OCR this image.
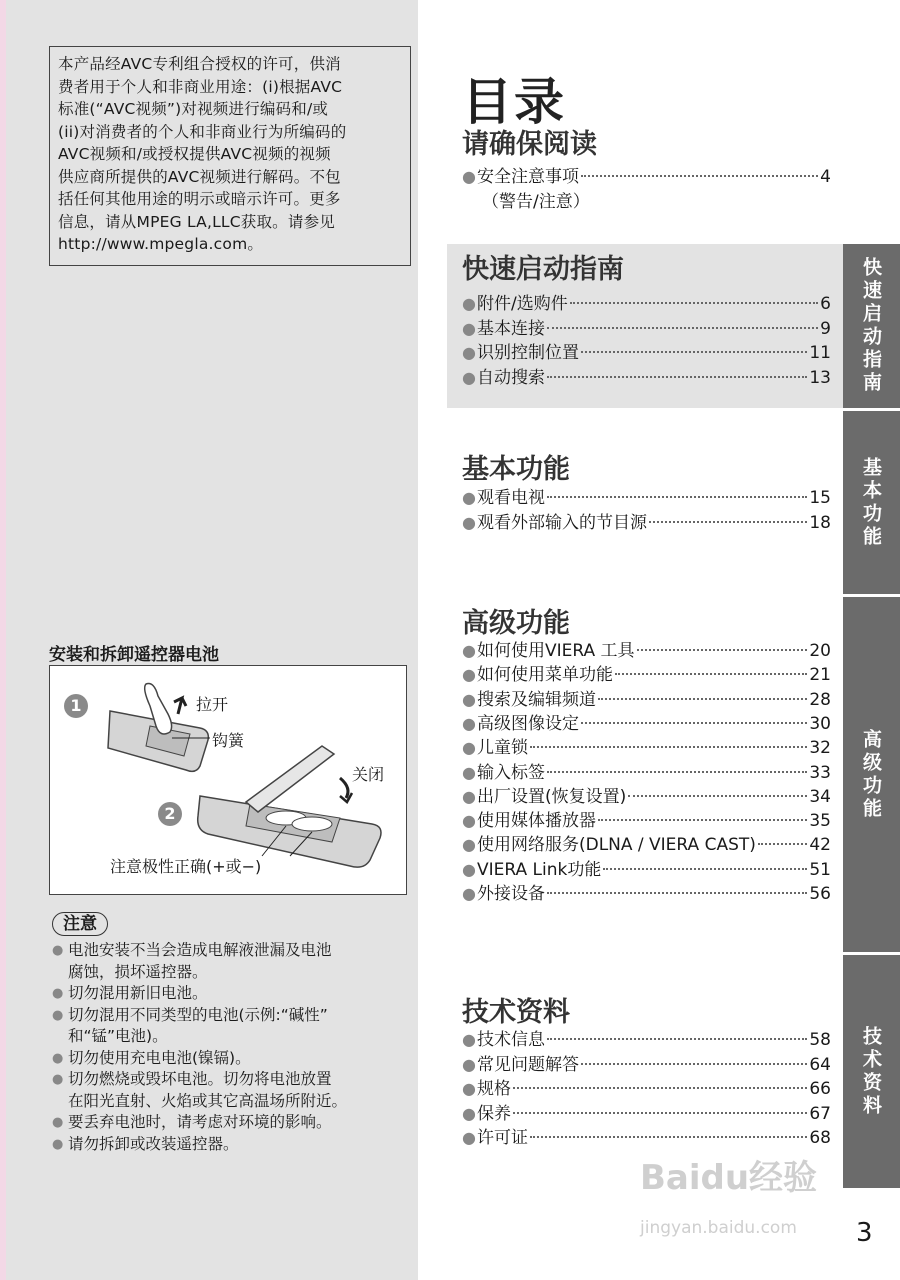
本产品经AVC专利组合授权的许可，供消
费者用于个人和非商业用途：(i)根据AVC
标准(“AVC视频”)对视频进行编码和/或
(ii)对消费者的个人和非商业行为所编码的
AVC视频和/或授权提供AVC视频的视频
供应商所提供的AVC视频进行解码。不包
括任何其他用途的明示或暗示许可。更多
信息，请从MPEG LA,LLC获取。请参见
http://www.mpegla.com。
安装和拆卸遥控器电池
1
2
拉开
钩簧
关闭
注意极性正确(+或−)
注意
● 电池安装不当会造成电解液泄漏及电池
腐蚀，损坏遥控器。
● 切勿混用新旧电池。
● 切勿混用不同类型的电池(示例:“碱性”
和“锰”电池)。
● 切勿使用充电电池(镍镉)。
● 切勿燃烧或毁坏电池。切勿将电池放置
在阳光直射、火焰或其它高温场所附近。
● 要丢弃电池时，请考虑对环境的影响。
● 请勿拆卸或改装遥控器。
目录
请确保阅读
● 安全注意事项	4
（警告/注意）
快速启动指南
● 附件/选购件	6
● 基本连接	9
● 识别控制位置	11
● 自动搜索	13
基本功能
● 观看电视	15
● 观看外部输入的节目源	18
高级功能
● 如何使用VIERA 工具	20
● 如何使用菜单功能	21
● 搜索及编辑频道	28
● 高级图像设定	30
● 儿童锁	32
● 输入标签	33
● 出厂设置(恢复设置)	34
● 使用媒体播放器	35
● 使用网络服务(DLNA / VIERA CAST)	42
● VIERA Link功能	51
● 外接设备	56
技术资料
● 技术信息	58
● 常见问题解答	64
● 规格	66
● 保养	67
● 许可证	68
快速启动指南
基本功能
高级功能
技术资料
Baidu经验
jingyan.baidu.com 3
